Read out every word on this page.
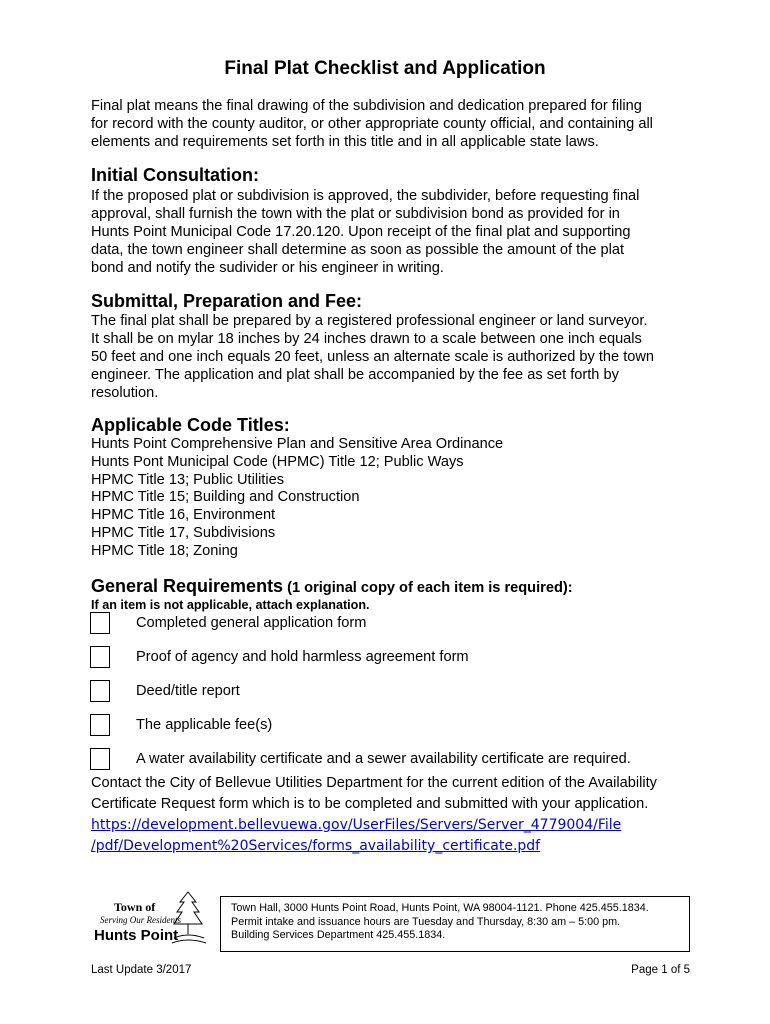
Final Plat Checklist and Application

Final plat means the final drawing of the subdivision and dedication prepared for filing
for record with the county auditor, or other appropriate county official, and containing all
elements and requirements set forth in this title and in all applicable state laws.

Initial Consultation:

If the proposed plat or subdivision is approved, the subdivider, before requesting final
approval, shall furnish the town with the plat or subdivision bond as provided for in
Hunts Point Municipal Code 17.20.120. Upon receipt of the final plat and supporting
data, the town engineer shall determine as soon as possible the amount of the plat
bond and notify the sudivider or his engineer in writing.

Submittal, Preparation and Fee:

The final plat shall be prepared by a registered professional engineer or land surveyor.
It shall be on mylar 18 inches by 24 inches drawn to a scale between one inch equals
50 feet and one inch equals 20 feet, unless an alternate scale is authorized by the town
engineer. The application and plat shall be accompanied by the fee as set forth by
resolution.

Applicable Code Titles:
Hunts Point Comprehensive Plan and Sensitive Area Ordinance
Hunts Pont Municipal Code (HPMC) Title 12; Public Ways
HPMC Title 13; Public Utilities
HPMC Title 15; Building and Construction
HPMC Title 16, Environment
HPMC Title 17, Subdivisions
HPMC Title 18; Zoning
General Requirements (1 original copy of each item is required):
If an item is not applicable, attach explanation.
Completed general application form
Proof of agency and hold harmless agreement form
Deed/title report
The applicable fee(s)
A water availability certificate and a sewer availability certificate are required.

Contact the City of Bellevue Utilities Department for the current edition of the Availability
Certificate Request form which is to be completed and submitted with your application.

https://development.bellevuewa.gov/UserFiles/Servers/Server_4779004/File
/pdf/Development%20Services/forms_availability_certificate.pdf

Town of
Serving Our Residents
Hunts Point
Town Hall, 3000 Hunts Point Road, Hunts Point, WA 98004-1121. Phone 425.455.1834.
Permit intake and issuance hours are Tuesday and Thursday, 8:30 am – 5:00 pm.
Building Services Department 425.455.1834.
Last Update 3/2017	Page 1 of 5
